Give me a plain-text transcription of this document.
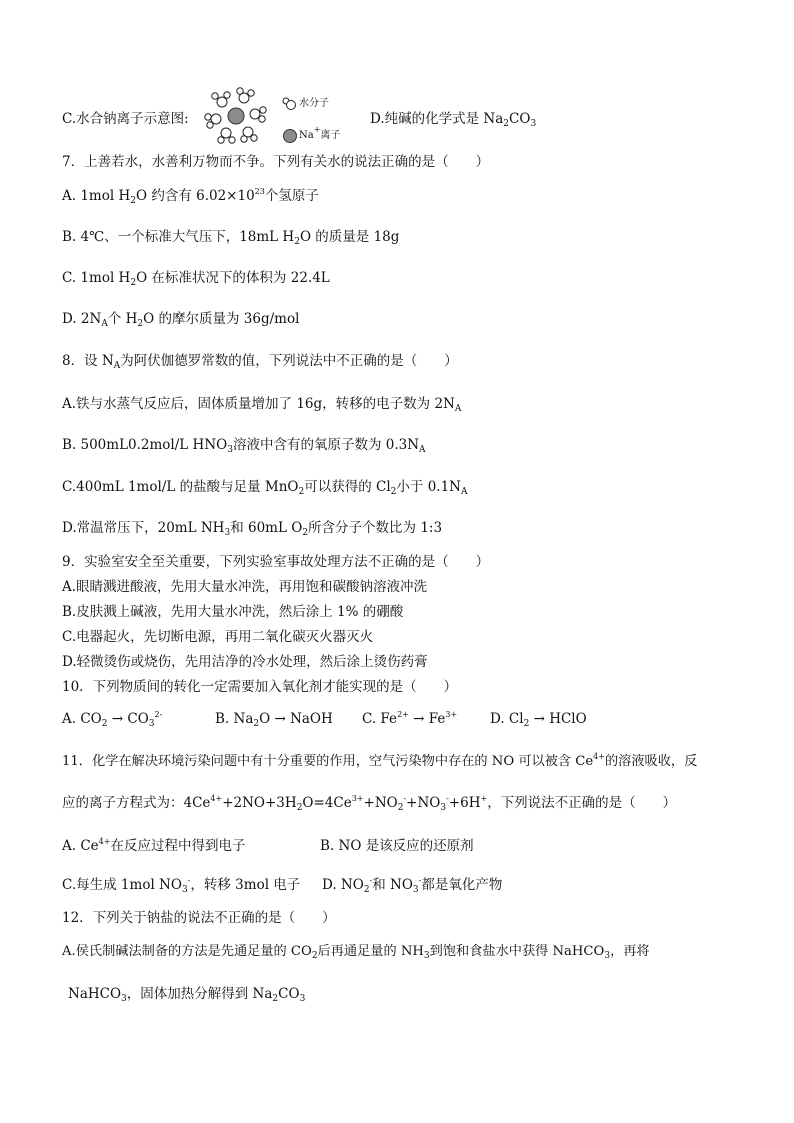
C.水合钠离子示意图:
水分子
Na+离子
D.纯碱的化学式是 $Na_2CO_3$
7．上善若水，水善利万物而不争。下列有关水的说法正确的是（　　）
A. 1mol $H_2O$ 约含有 $6.02\times 10^{23}$个氢原子
B. 4℃、一个标准大气压下，18mL $H_2O$ 的质量是 18g
C. 1mol $H_2O$ 在标准状况下的体积为 22.4L
D. $2N_A$个 $H_2O$ 的摩尔质量为 36g/mol
8．设 $N_A$为阿伏伽德罗常数的值，下列说法中不正确的是（　　）
A.铁与水蒸气反应后，固体质量增加了 16g，转移的电子数为 $2N_A$
B. 500mL0.2mol/L $HNO_3$溶液中含有的氧原子数为 $0.3N_A$
C.400mL 1mol/L 的盐酸与足量 MnO$_2$可以获得的 $Cl_2$小于 $0.1N_A$
D.常温常压下，20mL $NH_3$和 60mL $O_2$所含分子个数比为 1:3
9．实验室安全至关重要，下列实验室事故处理方法不正确的是（　　）
A.眼睛溅进酸液，先用大量水冲洗，再用饱和碳酸钠溶液冲洗
B.皮肤溅上碱液，先用大量水冲洗，然后涂上 1% 的硼酸
C.电器起火，先切断电源，再用二氧化碳灭火器灭火
D.轻微烫伤或烧伤，先用洁净的冷水处理，然后涂上烫伤药膏
10．下列物质间的转化一定需要加入氧化剂才能实现的是（　　）
A. $CO_2 \to CO_3^{2-}$	B. $Na_2O$ → NaOH C. $Fe^{2+} \to Fe^{3+}$ D. $Cl_2$ → HClO
11．化学在解决环境污染问题中有十分重要的作用，空气污染物中存在的 NO 可以被含 $Ce^{4+}$的溶液吸收，反
应的离子方程式为：$4Ce^{4+}+2NO+3H_2O=4Ce^{3+}+NO_2^-+NO_3^-+6H^+$，下列说法不正确的是（　　）
A. $Ce^{4+}$在反应过程中得到电子	B. NO 是该反应的还原剂
C.每生成 1mol $NO_3^-$，转移 3mol 电子 D. $NO_2^-$和 $NO_3^-$都是氧化产物
12．下列关于钠盐的说法不正确的是（　　）
A.侯氏制碱法制备的方法是先通足量的 $CO_2$后再通足量的 $NH_3$到饱和食盐水中获得 NaHCO$_3$，再将
NaHCO$_3$，固体加热分解得到 $Na_2CO_3$
